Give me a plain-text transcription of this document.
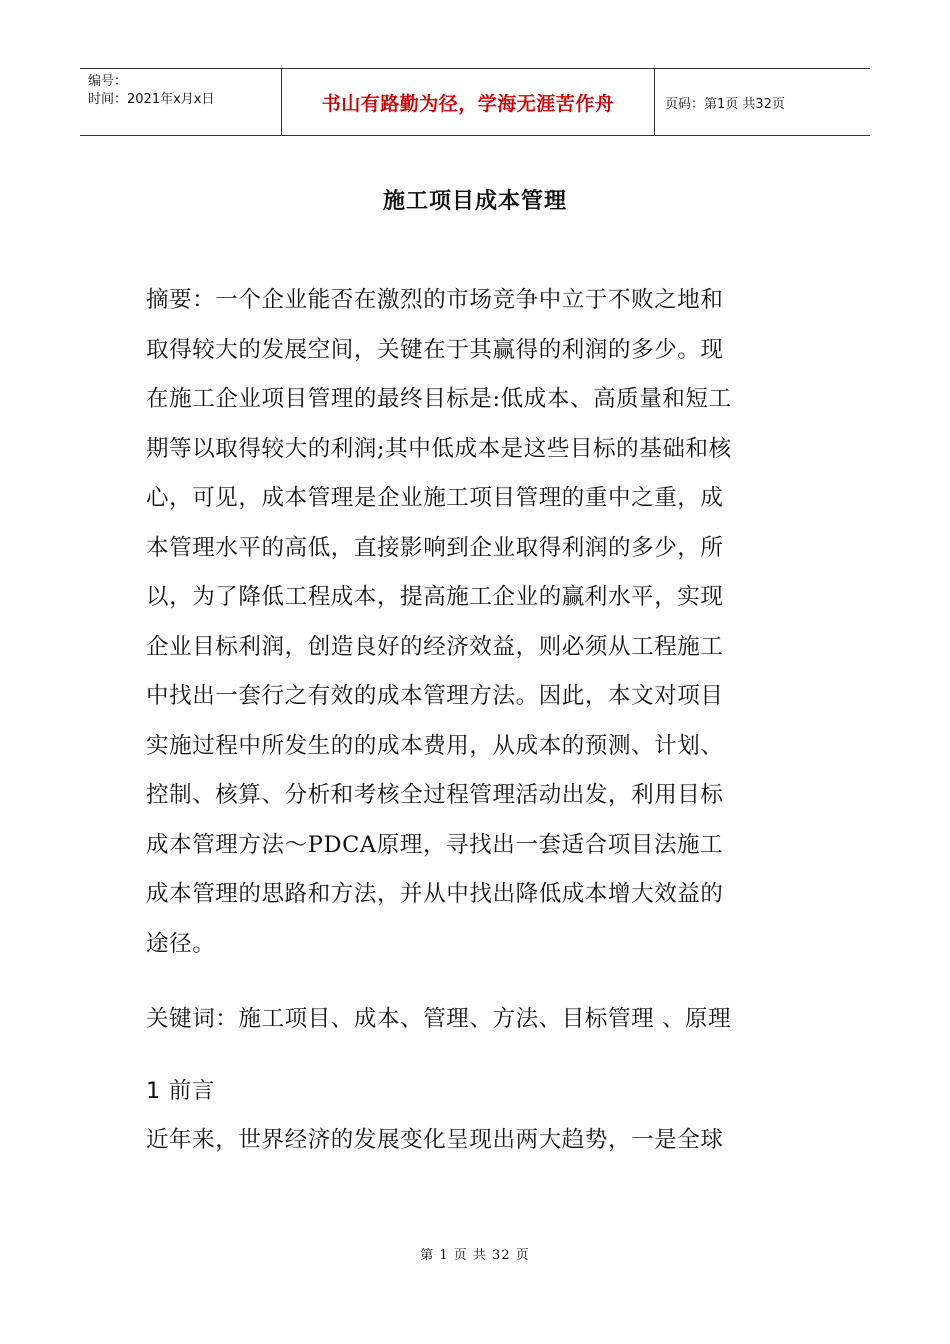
编号：
时间：2021年x月x日	书山有路勤为径，学海无涯苦作舟	页码：第1页 共32页
施工项目成本管理
摘要：一个企业能否在激烈的市场竞争中立于不败之地和
取得较大的发展空间，关键在于其赢得的利润的多少。现
在施工企业项目管理的最终目标是:低成本、高质量和短工
期等以取得较大的利润;其中低成本是这些目标的基础和核
心，可见，成本管理是企业施工项目管理的重中之重，成
本管理水平的高低，直接影响到企业取得利润的多少，所
以，为了降低工程成本，提高施工企业的赢利水平，实现
企业目标利润，创造良好的经济效益，则必须从工程施工
中找出一套行之有效的成本管理方法。因此，本文对项目
实施过程中所发生的的成本费用，从成本的预测、计划、
控制、核算、分析和考核全过程管理活动出发，利用目标
成本管理方法～PDCA原理，寻找出一套适合项目法施工
成本管理的思路和方法，并从中找出降低成本增大效益的
途径。
关键词：施工项目、成本、管理、方法、目标管理 、原理
1 前言
近年来，世界经济的发展变化呈现出两大趋势，一是全球
第 1 页 共 32 页
